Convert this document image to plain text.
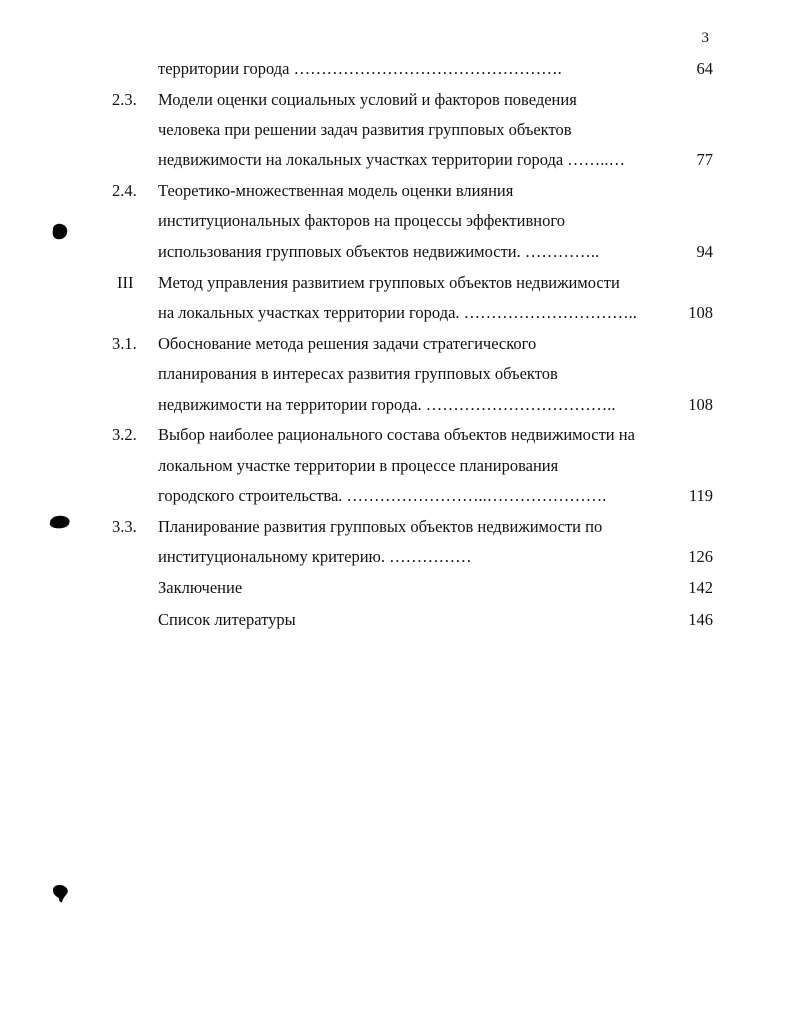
3
территории города ………………………………………….	64
2.3.	Модели оценки социальных условий и факторов поведения
человека при решении задач развития групповых объектов
недвижимости на локальных участках территории города ……..…	77
2.4.	Теоретико-множественная модель оценки влияния
институциональных факторов на процессы эффективного
использования групповых объектов недвижимости. …………..	94
III	Метод управления развитием групповых объектов недвижимости
на локальных участках территории города. …………………………..	108
3.1.	Обоснование метода решения задачи стратегического
планирования в интересах развития групповых объектов
недвижимости на территории города. ……………………………..	108
3.2.	Выбор наиболее рационального состава объектов недвижимости на
локальном участке территории в процессе планирования
городского строительства. ……………………..………………….	119
3.3.	Планирование развития групповых объектов недвижимости по
институциональному критерию. ……………	126
Заключение	142
Список литературы	146
